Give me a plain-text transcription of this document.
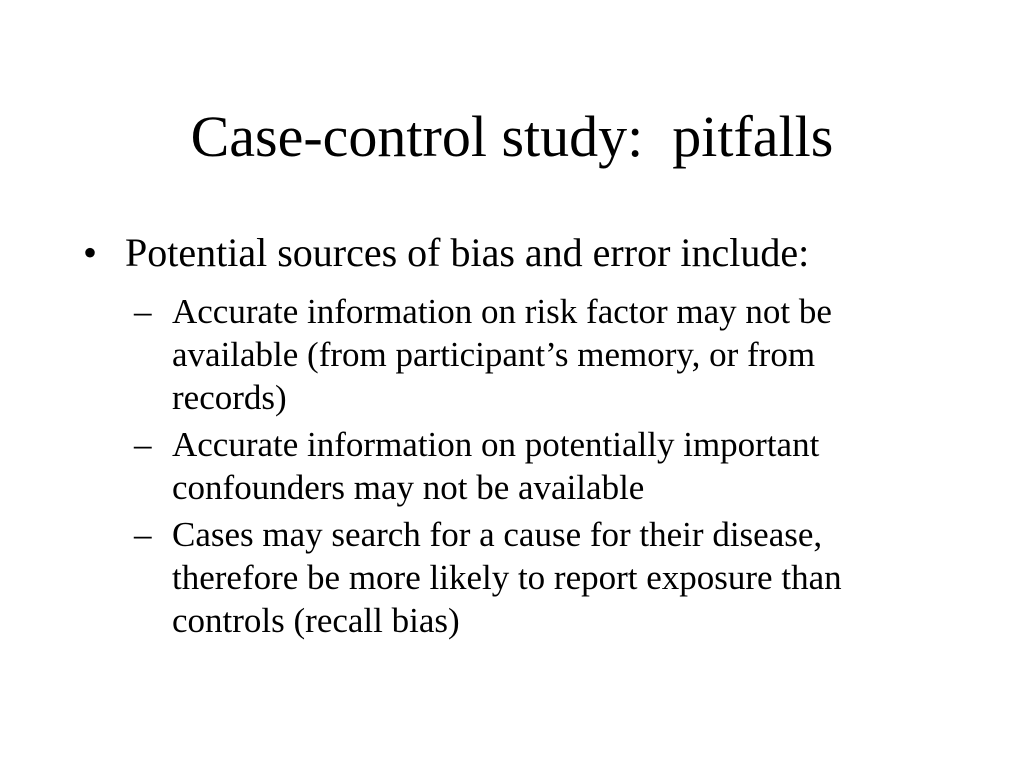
Case-control study:  pitfalls
• Potential sources of bias and error include:
– Accurate information on risk factor may not be
available (from participant’s memory, or from
records)
– Accurate information on potentially important
confounders may not be available
– Cases may search for a cause for their disease,
therefore be more likely to report exposure than
controls (recall bias)
